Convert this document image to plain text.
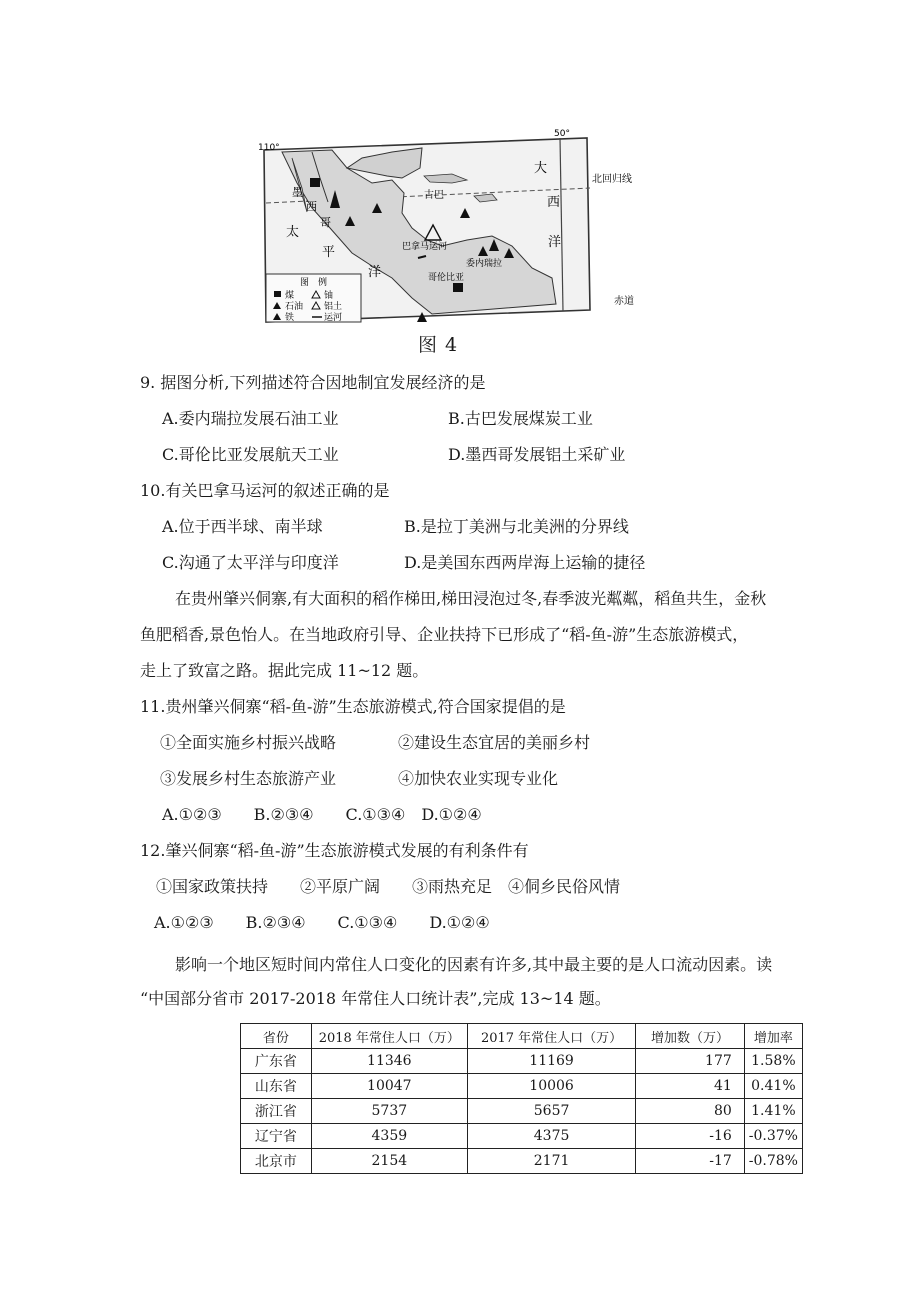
110°
50°
墨
西
哥
古巴
太
平
洋
大
西
洋
北回归线
赤道
巴拿马运河
委内瑞拉
哥伦比亚
图　例
煤	铀
石油 铝土
铁	运河
图 4
9. 据图分析,下列描述符合因地制宜发展经济的是
A.委内瑞拉发展石油工业	B.古巴发展煤炭工业
C.哥伦比亚发展航天工业	D.墨西哥发展铝土采矿业
10.有关巴拿马运河的叙述正确的是
A.位于西半球、南半球	B.是拉丁美洲与北美洲的分界线
C.沟通了太平洋与印度洋	D.是美国东西两岸海上运输的捷径
在贵州肇兴侗寨,有大面积的稻作梯田,梯田浸泡过冬,春季波光粼粼，稻鱼共生，金秋
鱼肥稻香,景色怡人。在当地政府引导、企业扶持下已形成了“稻-鱼-游”生态旅游模式，
走上了致富之路。据此完成 11~12 题。
11.贵州肇兴侗寨“稻-鱼-游”生态旅游模式,符合国家提倡的是
①全面实施乡村振兴战略	②建设生态宜居的美丽乡村
③发展乡村生态旅游产业	④加快农业实现专业化
A.①②③　　B.②③④　　C.①③④　D.①②④
12.肇兴侗寨“稻-鱼-游”生态旅游模式发展的有利条件有
①国家政策扶持　　②平原广阔　　③雨热充足　④侗乡民俗风情
A.①②③　　B.②③④　　C.①③④　　D.①②④
影响一个地区短时间内常住人口变化的因素有许多,其中最主要的是人口流动因素。读
“中国部分省市 2017-2018 年常住人口统计表”,完成 13~14 题。
省份	2018 年常住人口（万）	2017 年常住人口（万）	增加数（万）	增加率
广东省	11346	11169	177	1.58%
山东省	10047	10006	41	0.41%
浙江省	5737	5657	80	1.41%
辽宁省	4359	4375	-16	-0.37%
北京市	2154	2171	-17	-0.78%
